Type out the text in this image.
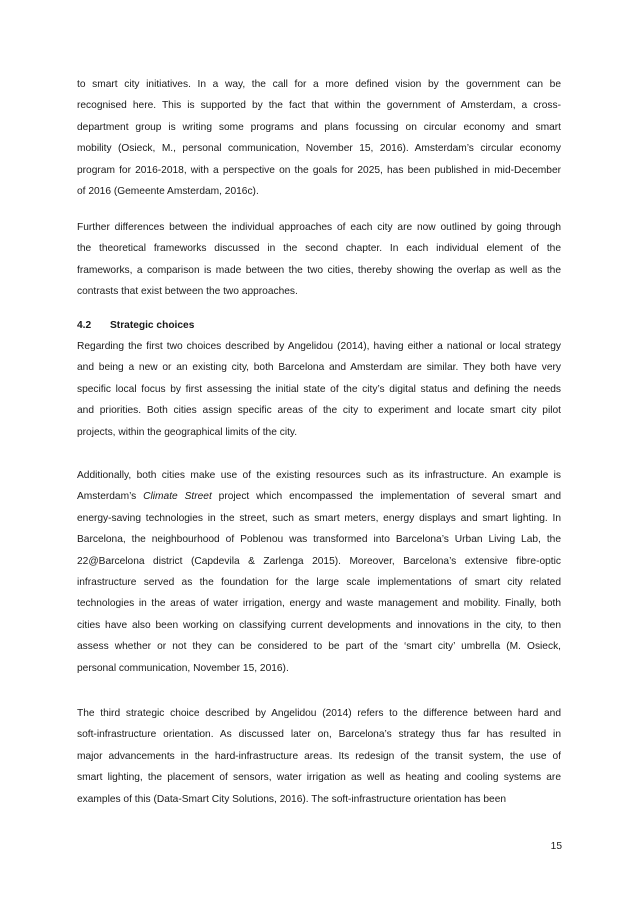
to smart city initiatives. In a way, the call for a more defined vision by the government can be
recognised here. This is supported by the fact that within the government of Amsterdam, a cross-
department group is writing some programs and plans focussing on circular economy and smart
mobility (Osieck, M., personal communication, November 15, 2016). Amsterdam’s circular economy
program for 2016-2018, with a perspective on the goals for 2025, has been published in mid-December
of 2016 (Gemeente Amsterdam, 2016c).
Further differences between the individual approaches of each city are now outlined by going through
the theoretical frameworks discussed in the second chapter. In each individual element of the
frameworks, a comparison is made between the two cities, thereby showing the overlap as well as the
contrasts that exist between the two approaches.
4.2 Strategic choices
Regarding the first two choices described by Angelidou (2014), having either a national or local strategy
and being a new or an existing city, both Barcelona and Amsterdam are similar. They both have very
specific local focus by first assessing the initial state of the city’s digital status and defining the needs
and priorities. Both cities assign specific areas of the city to experiment and locate smart city pilot
projects, within the geographical limits of the city.
Additionally, both cities make use of the existing resources such as its infrastructure. An example is
Amsterdam’s Climate Street project which encompassed the implementation of several smart and
energy-saving technologies in the street, such as smart meters, energy displays and smart lighting. In
Barcelona, the neighbourhood of Poblenou was transformed into Barcelona’s Urban Living Lab, the
22@Barcelona district (Capdevila & Zarlenga 2015). Moreover, Barcelona’s extensive fibre-optic
infrastructure served as the foundation for the large scale implementations of smart city related
technologies in the areas of water irrigation, energy and waste management and mobility. Finally, both
cities have also been working on classifying current developments and innovations in the city, to then
assess whether or not they can be considered to be part of the ‘smart city’ umbrella (M. Osieck,
personal communication, November 15, 2016).
The third strategic choice described by Angelidou (2014) refers to the difference between hard and
soft-infrastructure orientation. As discussed later on, Barcelona’s strategy thus far has resulted in
major advancements in the hard-infrastructure areas. Its redesign of the transit system, the use of
smart lighting, the placement of sensors, water irrigation as well as heating and cooling systems are
examples of this (Data-Smart City Solutions, 2016). The soft-infrastructure orientation has been
15
